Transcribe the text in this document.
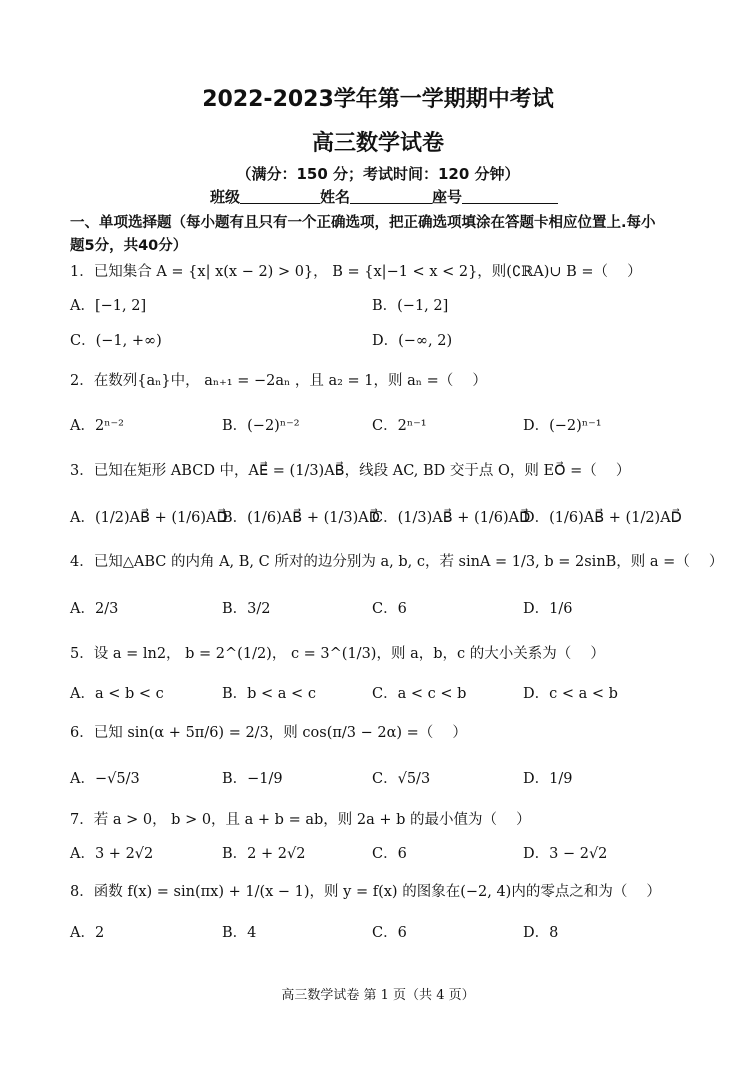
2022-2023学年第一学期期中考试
高三数学试卷
（满分：150 分；考试时间：120 分钟）
班级	姓名	座号
一、单项选择题（每小题有且只有一个正确选项，把正确选项填涂在答题卡相应位置上.每小
题5分，共40分）
1．已知集合 A = {x| x(x − 2) > 0}， B = {x|−1 < x < 2}，则(∁ℝA)∪ B =（　 ）
A．[−1, 2]	B．(−1, 2]
C．(−1, +∞)	D．(−∞, 2)
2．在数列{aₙ}中， aₙ₊₁ = −2aₙ ，且 a₂ = 1，则 aₙ =（　 ）
A．2ⁿ⁻²	B．(−2)ⁿ⁻²	C．2ⁿ⁻¹	D．(−2)ⁿ⁻¹
3．已知在矩形 ABCD 中，AE⃗ = (1/3)AB⃗，线段 AC, BD 交于点 O，则 EO⃗ =（　 ）
A．(1/2)AB⃗ + (1/6)AD⃗
B．(1/6)AB⃗ + (1/3)AD⃗
C．(1/3)AB⃗ + (1/6)AD⃗
D．(1/6)AB⃗ + (1/2)AD⃗
4．已知△ABC 的内角 A, B, C 所对的边分别为 a, b, c，若 sinA = 1/3, b = 2sinB，则 a =（　 ）
A．2/3	B．3/2	C．6	D．1/6
5．设 a = ln2， b = 2^(1/2)， c = 3^(1/3)，则 a，b，c 的大小关系为（　 ）
A．a < b < c	B．b < a < c	C．a < c < b	D．c < a < b
6．已知 sin(α + 5π/6) = 2/3，则 cos(π/3 − 2α) =（　 ）
A．−√5/3	B．−1/9	C．√5/3	D．1/9
7．若 a > 0， b > 0，且 a + b = ab，则 2a + b 的最小值为（　 ）
A．3 + 2√2	B．2 + 2√2	C．6	D．3 − 2√2
8．函数 f(x) = sin(πx) + 1/(x − 1)，则 y = f(x) 的图象在(−2, 4)内的零点之和为（　 ）
A．2	B．4	C．6	D．8
高三数学试卷 第 1 页（共 4 页）
